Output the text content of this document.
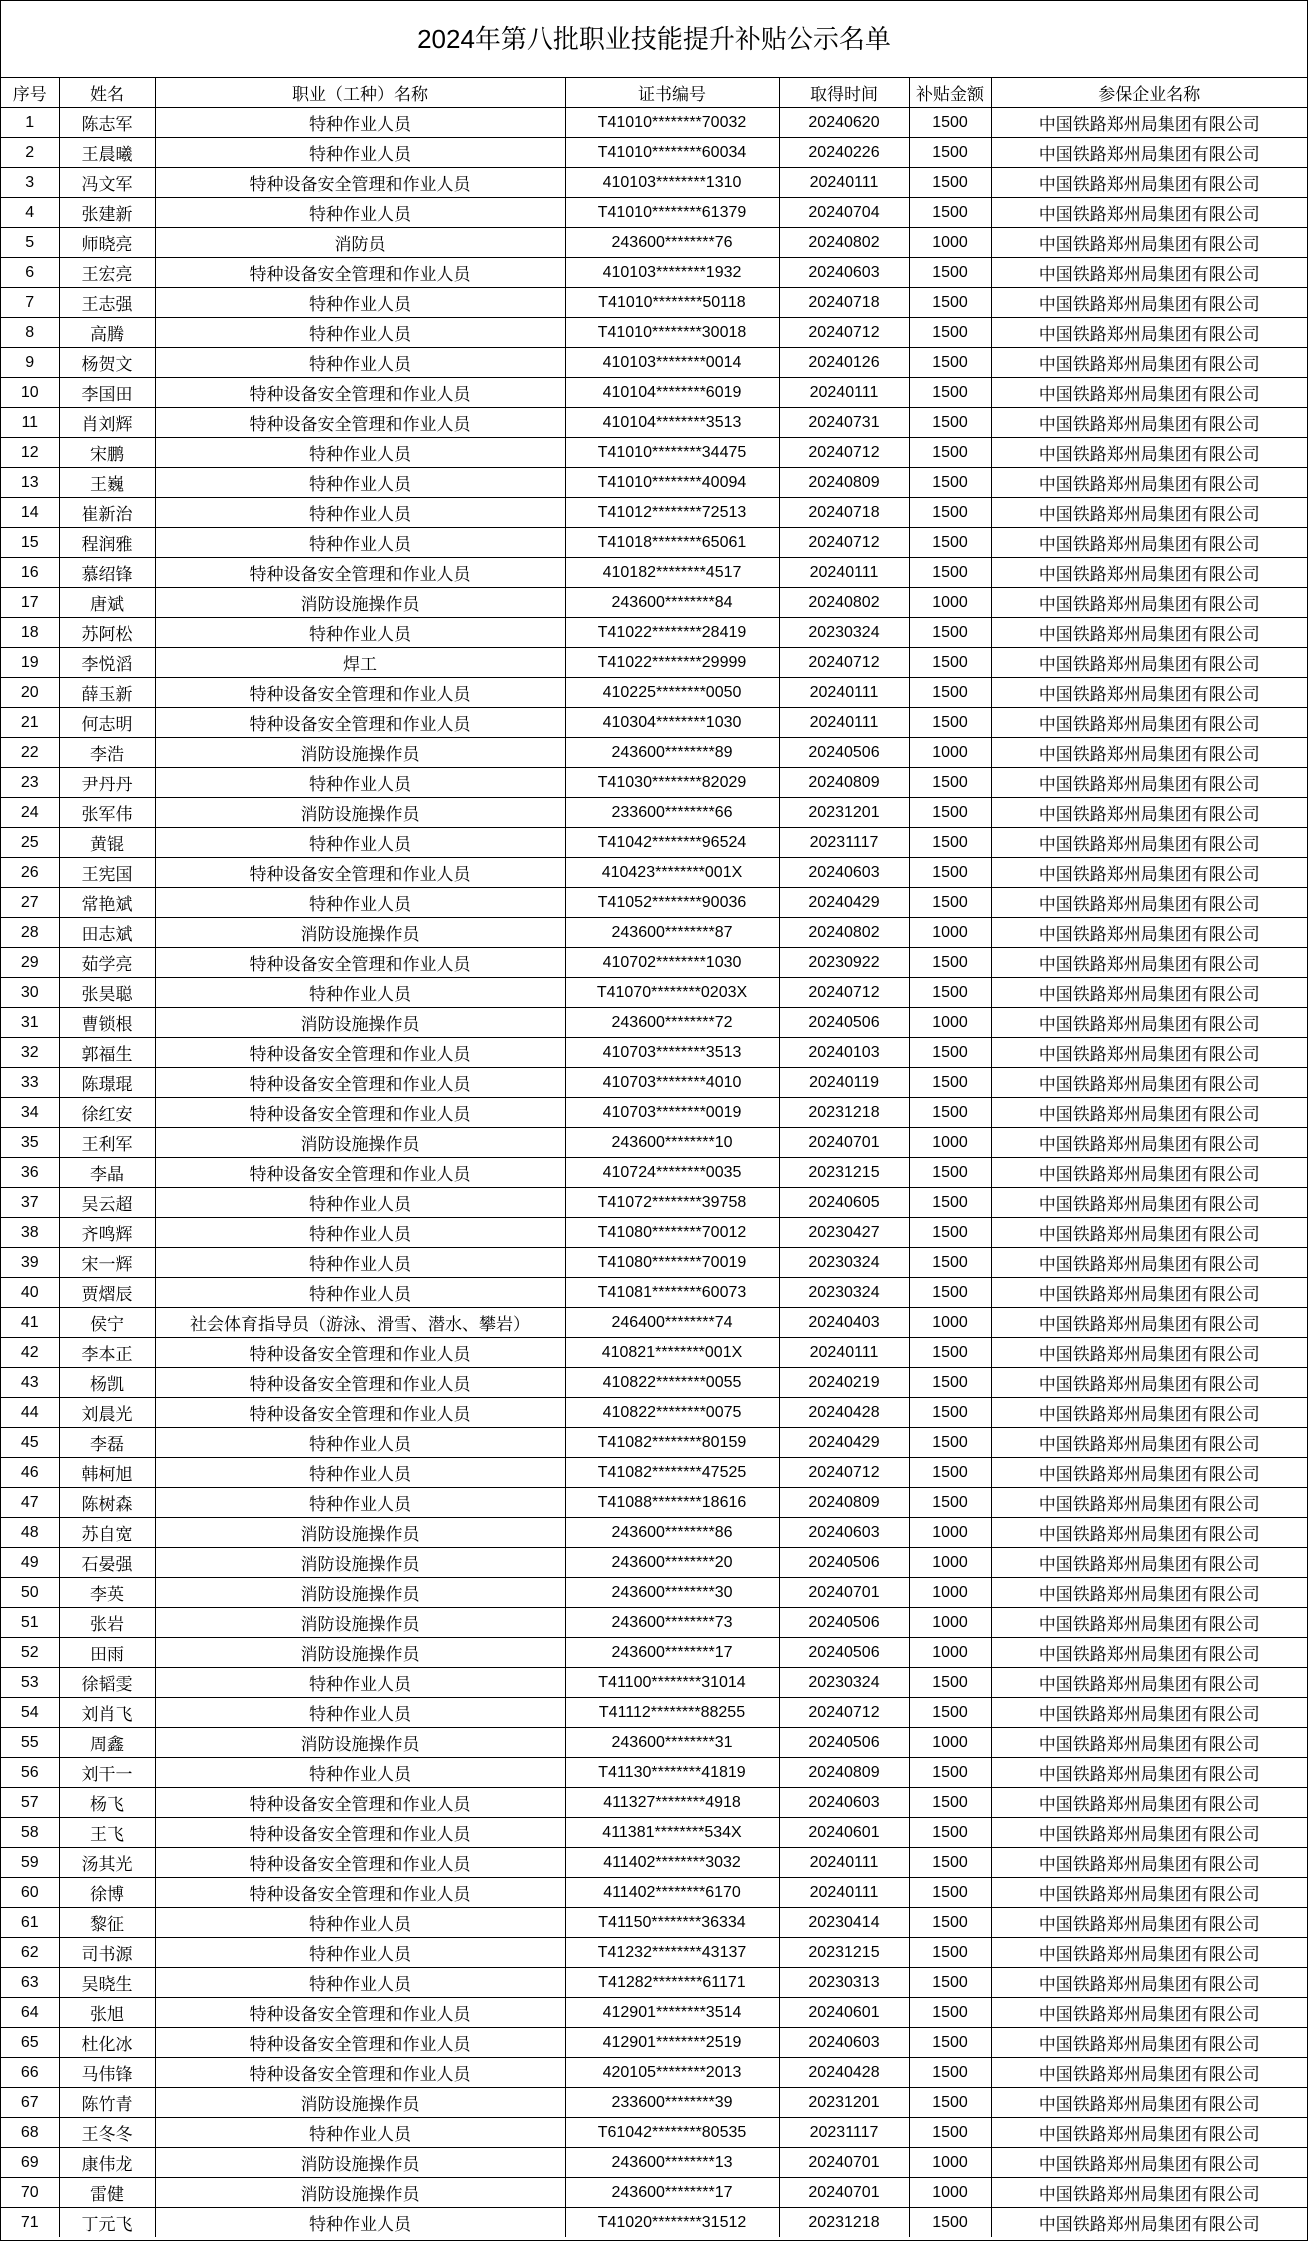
2024年第八批职业技能提升补贴公示名单
序号	姓名	职业（工种）名称	证书编号	取得时间	补贴金额	参保企业名称
1	陈志军	特种作业人员	T41010********70032	20240620	1500	中国铁路郑州局集团有限公司
2	王晨曦	特种作业人员	T41010********60034	20240226	1500	中国铁路郑州局集团有限公司
3	冯文军	特种设备安全管理和作业人员	410103********1310	20240111	1500	中国铁路郑州局集团有限公司
4	张建新	特种作业人员	T41010********61379	20240704	1500	中国铁路郑州局集团有限公司
5	师晓亮	消防员	243600********76	20240802	1000	中国铁路郑州局集团有限公司
6	王宏亮	特种设备安全管理和作业人员	410103********1932	20240603	1500	中国铁路郑州局集团有限公司
7	王志强	特种作业人员	T41010********50118	20240718	1500	中国铁路郑州局集团有限公司
8	高腾	特种作业人员	T41010********30018	20240712	1500	中国铁路郑州局集团有限公司
9	杨贺文	特种作业人员	410103********0014	20240126	1500	中国铁路郑州局集团有限公司
10	李国田	特种设备安全管理和作业人员	410104********6019	20240111	1500	中国铁路郑州局集团有限公司
11	肖刘辉	特种设备安全管理和作业人员	410104********3513	20240731	1500	中国铁路郑州局集团有限公司
12	宋鹏	特种作业人员	T41010********34475	20240712	1500	中国铁路郑州局集团有限公司
13	王巍	特种作业人员	T41010********40094	20240809	1500	中国铁路郑州局集团有限公司
14	崔新治	特种作业人员	T41012********72513	20240718	1500	中国铁路郑州局集团有限公司
15	程润雅	特种作业人员	T41018********65061	20240712	1500	中国铁路郑州局集团有限公司
16	慕绍锋	特种设备安全管理和作业人员	410182********4517	20240111	1500	中国铁路郑州局集团有限公司
17	唐斌	消防设施操作员	243600********84	20240802	1000	中国铁路郑州局集团有限公司
18	苏阿松	特种作业人员	T41022********28419	20230324	1500	中国铁路郑州局集团有限公司
19	李悦滔	焊工	T41022********29999	20240712	1500	中国铁路郑州局集团有限公司
20	薛玉新	特种设备安全管理和作业人员	410225********0050	20240111	1500	中国铁路郑州局集团有限公司
21	何志明	特种设备安全管理和作业人员	410304********1030	20240111	1500	中国铁路郑州局集团有限公司
22	李浩	消防设施操作员	243600********89	20240506	1000	中国铁路郑州局集团有限公司
23	尹丹丹	特种作业人员	T41030********82029	20240809	1500	中国铁路郑州局集团有限公司
24	张军伟	消防设施操作员	233600********66	20231201	1500	中国铁路郑州局集团有限公司
25	黄锟	特种作业人员	T41042********96524	20231117	1500	中国铁路郑州局集团有限公司
26	王宪国	特种设备安全管理和作业人员	410423********001X	20240603	1500	中国铁路郑州局集团有限公司
27	常艳斌	特种作业人员	T41052********90036	20240429	1500	中国铁路郑州局集团有限公司
28	田志斌	消防设施操作员	243600********87	20240802	1000	中国铁路郑州局集团有限公司
29	茹学亮	特种设备安全管理和作业人员	410702********1030	20230922	1500	中国铁路郑州局集团有限公司
30	张昊聪	特种作业人员	T41070********0203X	20240712	1500	中国铁路郑州局集团有限公司
31	曹锁根	消防设施操作员	243600********72	20240506	1000	中国铁路郑州局集团有限公司
32	郭福生	特种设备安全管理和作业人员	410703********3513	20240103	1500	中国铁路郑州局集团有限公司
33	陈璟琨	特种设备安全管理和作业人员	410703********4010	20240119	1500	中国铁路郑州局集团有限公司
34	徐红安	特种设备安全管理和作业人员	410703********0019	20231218	1500	中国铁路郑州局集团有限公司
35	王利军	消防设施操作员	243600********10	20240701	1000	中国铁路郑州局集团有限公司
36	李晶	特种设备安全管理和作业人员	410724********0035	20231215	1500	中国铁路郑州局集团有限公司
37	吴云超	特种作业人员	T41072********39758	20240605	1500	中国铁路郑州局集团有限公司
38	齐鸣辉	特种作业人员	T41080********70012	20230427	1500	中国铁路郑州局集团有限公司
39	宋一辉	特种作业人员	T41080********70019	20230324	1500	中国铁路郑州局集团有限公司
40	贾熠辰	特种作业人员	T41081********60073	20230324	1500	中国铁路郑州局集团有限公司
41	侯宁	社会体育指导员（游泳、滑雪、潜水、攀岩）	246400********74	20240403	1000	中国铁路郑州局集团有限公司
42	李本正	特种设备安全管理和作业人员	410821********001X	20240111	1500	中国铁路郑州局集团有限公司
43	杨凯	特种设备安全管理和作业人员	410822********0055	20240219	1500	中国铁路郑州局集团有限公司
44	刘晨光	特种设备安全管理和作业人员	410822********0075	20240428	1500	中国铁路郑州局集团有限公司
45	李磊	特种作业人员	T41082********80159	20240429	1500	中国铁路郑州局集团有限公司
46	韩柯旭	特种作业人员	T41082********47525	20240712	1500	中国铁路郑州局集团有限公司
47	陈树森	特种作业人员	T41088********18616	20240809	1500	中国铁路郑州局集团有限公司
48	苏自宽	消防设施操作员	243600********86	20240603	1000	中国铁路郑州局集团有限公司
49	石晏强	消防设施操作员	243600********20	20240506	1000	中国铁路郑州局集团有限公司
50	李英	消防设施操作员	243600********30	20240701	1000	中国铁路郑州局集团有限公司
51	张岩	消防设施操作员	243600********73	20240506	1000	中国铁路郑州局集团有限公司
52	田雨	消防设施操作员	243600********17	20240506	1000	中国铁路郑州局集团有限公司
53	徐韬雯	特种作业人员	T41100********31014	20230324	1500	中国铁路郑州局集团有限公司
54	刘肖飞	特种作业人员	T41112********88255	20240712	1500	中国铁路郑州局集团有限公司
55	周鑫	消防设施操作员	243600********31	20240506	1000	中国铁路郑州局集团有限公司
56	刘干一	特种作业人员	T41130********41819	20240809	1500	中国铁路郑州局集团有限公司
57	杨飞	特种设备安全管理和作业人员	411327********4918	20240603	1500	中国铁路郑州局集团有限公司
58	王飞	特种设备安全管理和作业人员	411381********534X	20240601	1500	中国铁路郑州局集团有限公司
59	汤其光	特种设备安全管理和作业人员	411402********3032	20240111	1500	中国铁路郑州局集团有限公司
60	徐博	特种设备安全管理和作业人员	411402********6170	20240111	1500	中国铁路郑州局集团有限公司
61	黎征	特种作业人员	T41150********36334	20230414	1500	中国铁路郑州局集团有限公司
62	司书源	特种作业人员	T41232********43137	20231215	1500	中国铁路郑州局集团有限公司
63	吴晓生	特种作业人员	T41282********61171	20230313	1500	中国铁路郑州局集团有限公司
64	张旭	特种设备安全管理和作业人员	412901********3514	20240601	1500	中国铁路郑州局集团有限公司
65	杜化冰	特种设备安全管理和作业人员	412901********2519	20240603	1500	中国铁路郑州局集团有限公司
66	马伟锋	特种设备安全管理和作业人员	420105********2013	20240428	1500	中国铁路郑州局集团有限公司
67	陈竹青	消防设施操作员	233600********39	20231201	1500	中国铁路郑州局集团有限公司
68	王冬冬	特种作业人员	T61042********80535	20231117	1500	中国铁路郑州局集团有限公司
69	康伟龙	消防设施操作员	243600********13	20240701	1000	中国铁路郑州局集团有限公司
70	雷健	消防设施操作员	243600********17	20240701	1000	中国铁路郑州局集团有限公司
71	丁元飞	特种作业人员	T41020********31512	20231218	1500	中国铁路郑州局集团有限公司
